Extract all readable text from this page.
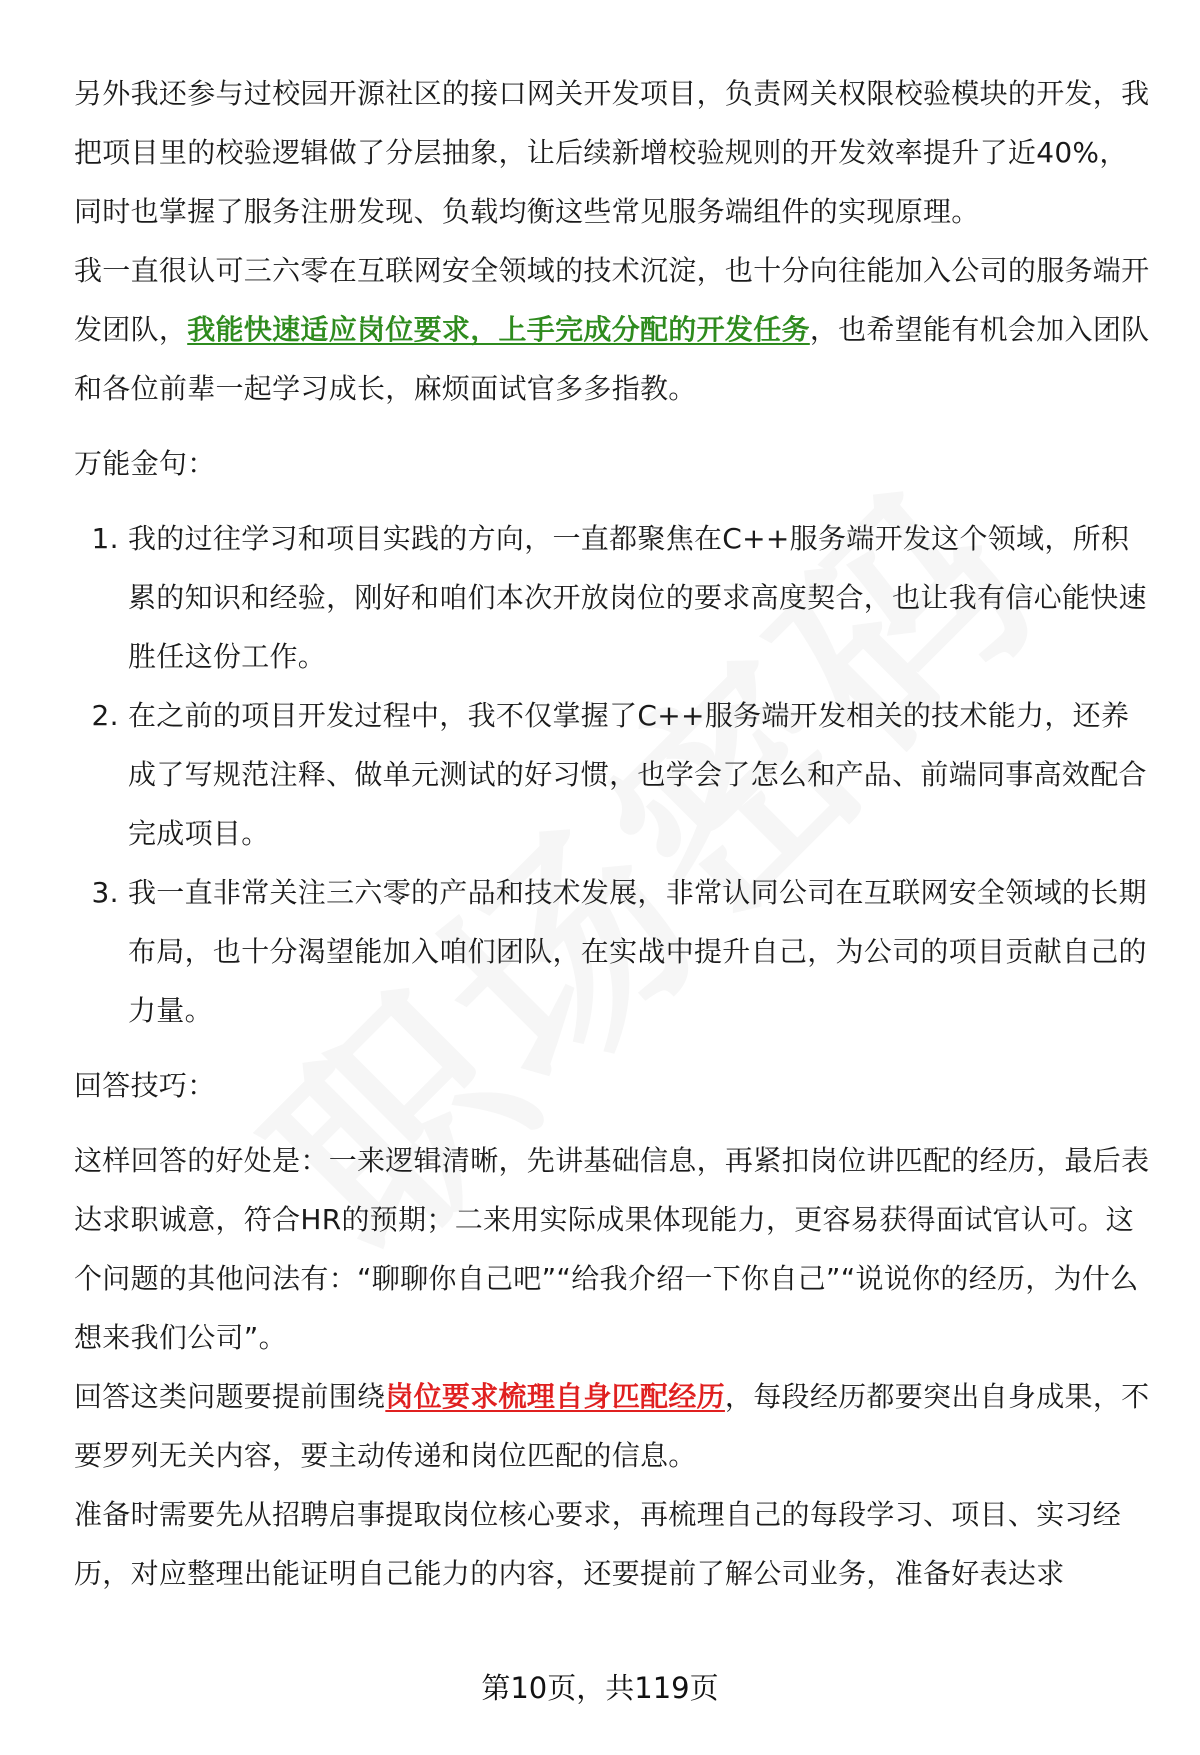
另外我还参与过校园开源社区的接口网关开发项目，负责网关权限校验模块的开发，我把项目里的校验逻辑做了分层抽象，让后续新增校验规则的开发效率提升了近40%，同时也掌握了服务注册发现、负载均衡这些常见服务端组件的实现原理。

我一直很认可三六零在互联网安全领域的技术沉淀，也十分向往能加入公司的服务端开发团队，我能快速适应岗位要求，上手完成分配的开发任务，也希望能有机会加入团队和各位前辈一起学习成长，麻烦面试官多多指教。

万能金句：

1. 我的过往学习和项目实践的方向，一直都聚焦在C++服务端开发这个领域，所积累的知识和经验，刚好和咱们本次开放岗位的要求高度契合，也让我有信心能快速胜任这份工作。
2. 在之前的项目开发过程中，我不仅掌握了C++服务端开发相关的技术能力，还养成了写规范注释、做单元测试的好习惯，也学会了怎么和产品、前端同事高效配合完成项目。
3. 我一直非常关注三六零的产品和技术发展，非常认同公司在互联网安全领域的长期布局，也十分渴望能加入咱们团队，在实战中提升自己，为公司的项目贡献自己的力量。

回答技巧：

这样回答的好处是：一来逻辑清晰，先讲基础信息，再紧扣岗位讲匹配的经历，最后表达求职诚意，符合HR的预期；二来用实际成果体现能力，更容易获得面试官认可。这个问题的其他问法有：“聊聊你自己吧”“给我介绍一下你自己”“说说你的经历，为什么想来我们公司”。

回答这类问题要提前围绕岗位要求梳理自身匹配经历，每段经历都要突出自身成果，不要罗列无关内容，要主动传递和岗位匹配的信息。

准备时需要先从招聘启事提取岗位核心要求，再梳理自己的每段学习、项目、实习经历，对应整理出能证明自己能力的内容，还要提前了解公司业务，准备好表达求

第10页，共119页
